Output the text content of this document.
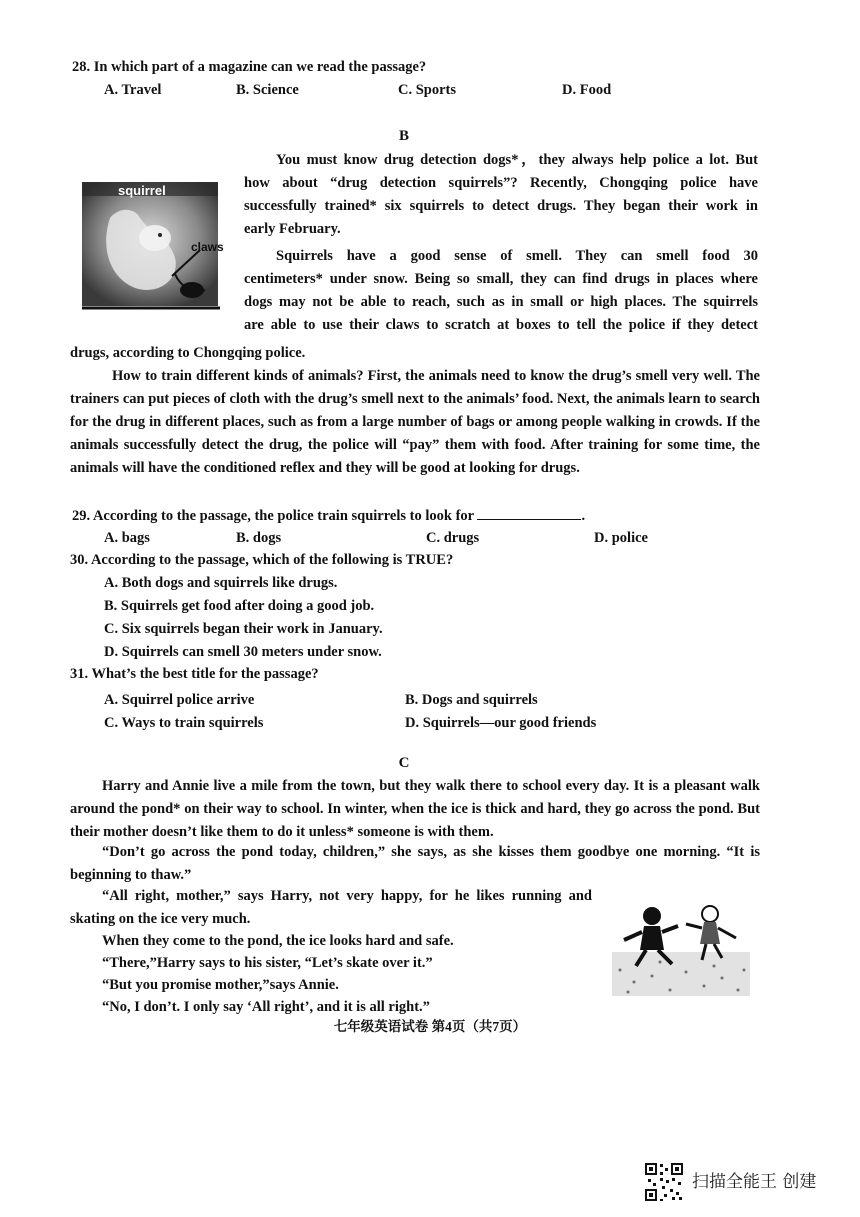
28. In which part of a magazine can we read the passage?
A. Travel	B. Science	C. Sports	D. Food
B
squirrel
claws
You must know drug detection dogs*，they always help police a lot. But
how about “drug detection squirrels”? Recently, Chongqing police have
successfully trained* six squirrels to detect drugs. They began their work in
early February.
Squirrels have a good sense of smell. They can smell food 30
centimeters* under snow. Being so small, they can find drugs in places where
dogs may not be able to reach, such as in small or high places. The squirrels
are able to use their claws to scratch at boxes to tell the police if they detect
drugs, according to Chongqing police.
How to train different kinds of animals? First, the animals need to know the drug’s smell very well. The trainers can put pieces of cloth with the drug’s smell next to the animals’ food. Next, the animals learn to search for the drug in different places, such as from a large number of bags or among people walking in crowds. If the animals successfully detect the drug, the police will “pay” them with food. After training for some time, the animals will have the conditioned reflex and they will be good at looking for drugs.
29. According to the passage, the police train squirrels to look for	.
A. bags	B. dogs	C. drugs	D. police
30. According to the passage, which of the following is TRUE?
A. Both dogs and squirrels like drugs.
B. Squirrels get food after doing a good job.
C. Six squirrels began their work in January.
D. Squirrels can smell 30 meters under snow.
31. What’s the best title for the passage?
A. Squirrel police arrive	B. Dogs and squirrels
C. Ways to train squirrels	D. Squirrels—our good friends
C
Harry and Annie live a mile from the town, but they walk there to school every day. It is a pleasant walk around the pond* on their way to school. In winter, when the ice is thick and hard, they go across the pond. But their mother doesn’t like them to do it unless* someone is with them.
“Don’t go across the pond today, children,” she says, as she kisses them goodbye one morning. “It is beginning to thaw.”
“All right, mother,” says Harry, not very happy, for he likes running and skating on the ice very much.
When they come to the pond, the ice looks hard and safe.
“There,”Harry says to his sister, “Let’s skate over it.”
“But you promise mother,”says Annie.
“No, I don’t. I only say ‘All right’, and it is all right.”
七年级英语试卷 第4页（共7页）
扫描全能王 创建
